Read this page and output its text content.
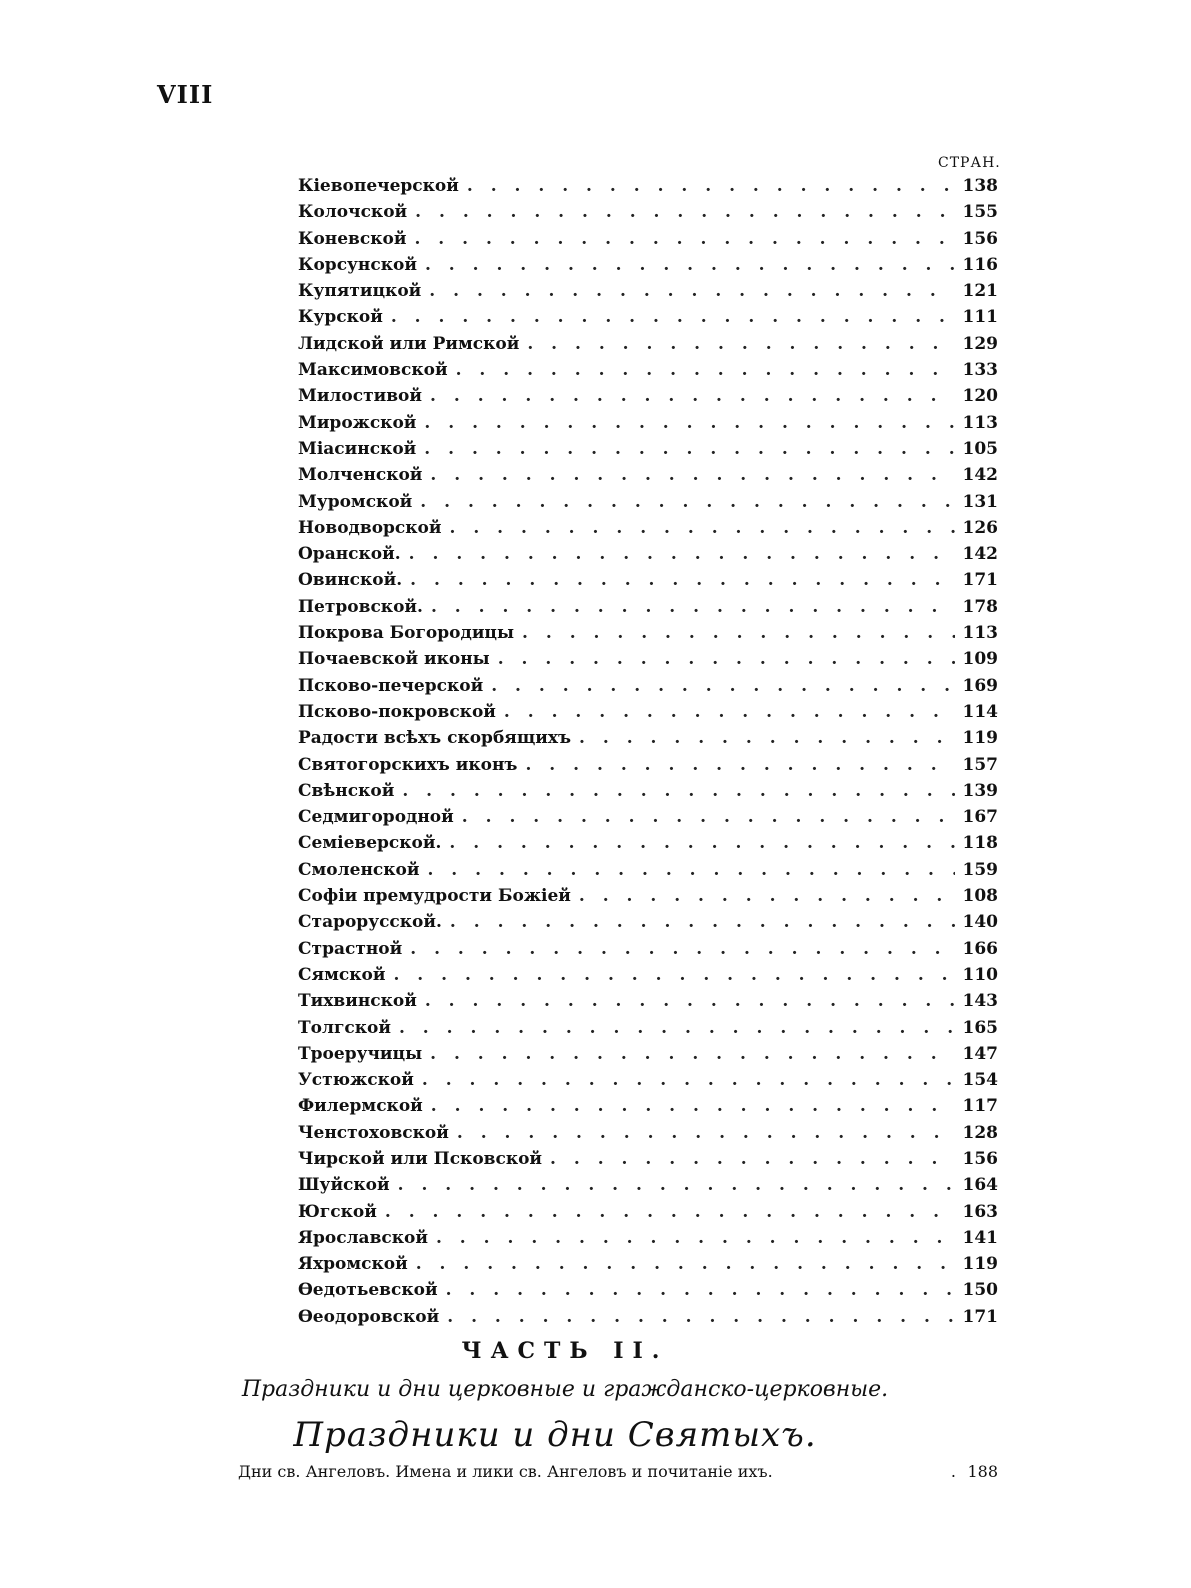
VIII
СТРАН.
Кіевопечерской . . .	138
Колочской . . .	155
Коневской . . .	156
Корсунской . . .	116
Купятицкой . . .	121
Курской . . .	111
Лидской или Римской . . .	129
Максимовской . . .	133
Милостивой . . .	120
Мирожской . . .	113
Міасинской . . .	105
Молченской . . .	142
Муромской . . .	131
Новодворской . . .	126
Оранской. . . .	142
Овинской. . . .	171
Петровской. . . .	178
Покрова Богородицы . . .	113
Почаевской иконы . . .	109
Псково-печерской . . .	169
Псково-покровской . . .	114
Радости всѣхъ скорбящихъ . . .	119
Святогорскихъ иконъ . . .	157
Свѣнской . . .	139
Седмигородной . . .	167
Семіеверской. . . .	118
Смоленской . . .	159
Софіи премудрости Божіей . . .	108
Старорусской. . . .	140
Страстной . . .	166
Сямской . . .	110
Тихвинской . . .	143
Толгской . . .	165
Троеручицы . . .	147
Устюжской . . .	154
Филермской . . .	117
Ченстоховской . . .	128
Чирской или Псковской . . .	156
Шуйской . . .	164
Югской . . .	163
Ярославской . . .	141
Яхромской . . .	119
Ѳедотьевской . . .	150
Ѳеодоровской . . .	171
ЧАСТЬ II.
Праздники и дни церковные и гражданско-церковные.
Праздники и дни Святыхъ.
Дни св. Ангеловъ. Имена и лики св. Ангеловъ и почитаніе ихъ.	. 188
